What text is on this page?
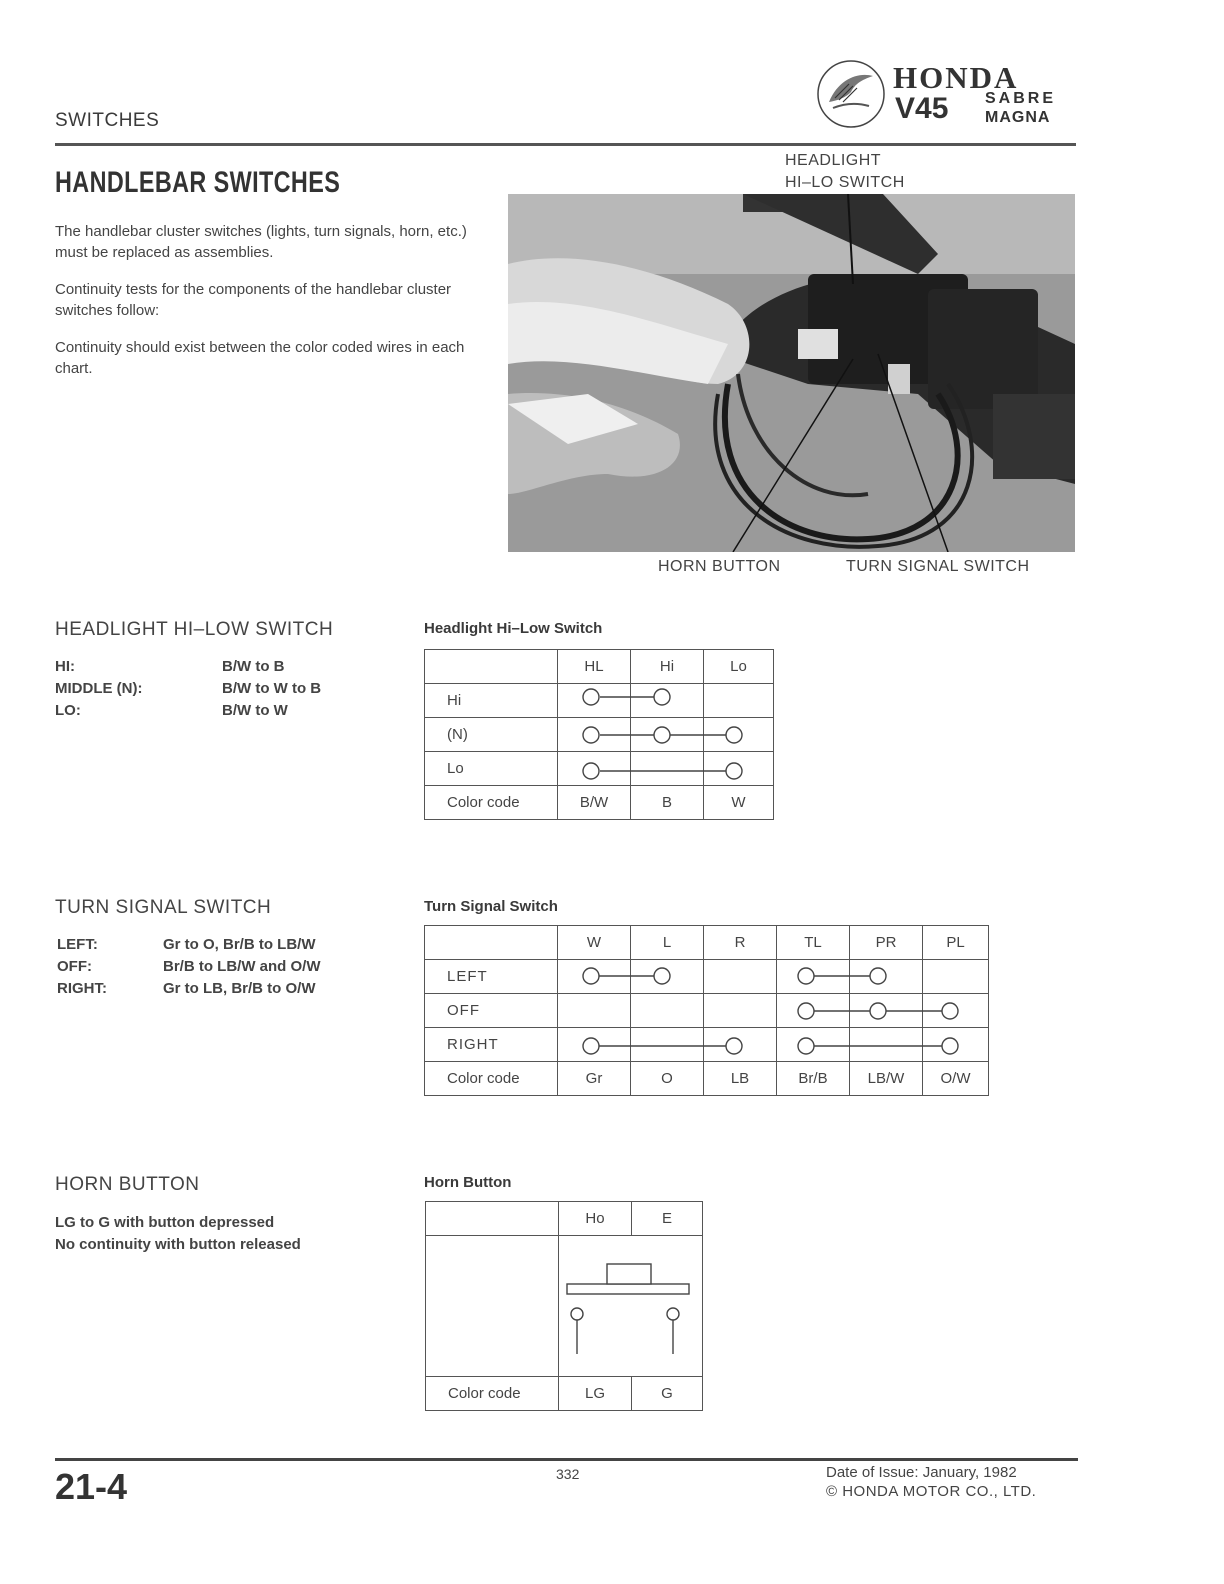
SWITCHES
HONDA
V45 SABRE
MAGNA
HANDLEBAR SWITCHES
The handlebar cluster switches (lights, turn signals, horn, etc.) must be replaced as assemblies.
Continuity tests for the components of the handlebar cluster switches follow:
Continuity should exist between the color coded wires in each chart.
HEADLIGHT
HI–LO SWITCH
HORN BUTTON	TURN SIGNAL SWITCH
HEADLIGHT HI–LOW SWITCH
HI:	B/W to B
MIDDLE (N):	B/W to W to B
LO:	B/W to W
Headlight Hi–Low Switch
	HL	Hi	Lo
Hi			
(N)			
Lo			
Color code	B/W	B	W
TURN SIGNAL SWITCH
LEFT:	Gr to O, Br/B to LB/W
OFF:	Br/B to LB/W and O/W
RIGHT:	Gr to LB, Br/B to O/W
Turn Signal Switch
	W	L	R	TL	PR	PL
LEFT						
OFF						
RIGHT						
Color code	Gr	O	LB	Br/B	LB/W	O/W
HORN BUTTON
LG to G with button depressed
No continuity with button released
Horn Button
	Ho	E

Color code	LG	G
21-4	332	Date of Issue: January, 1982
© HONDA MOTOR CO., LTD.
